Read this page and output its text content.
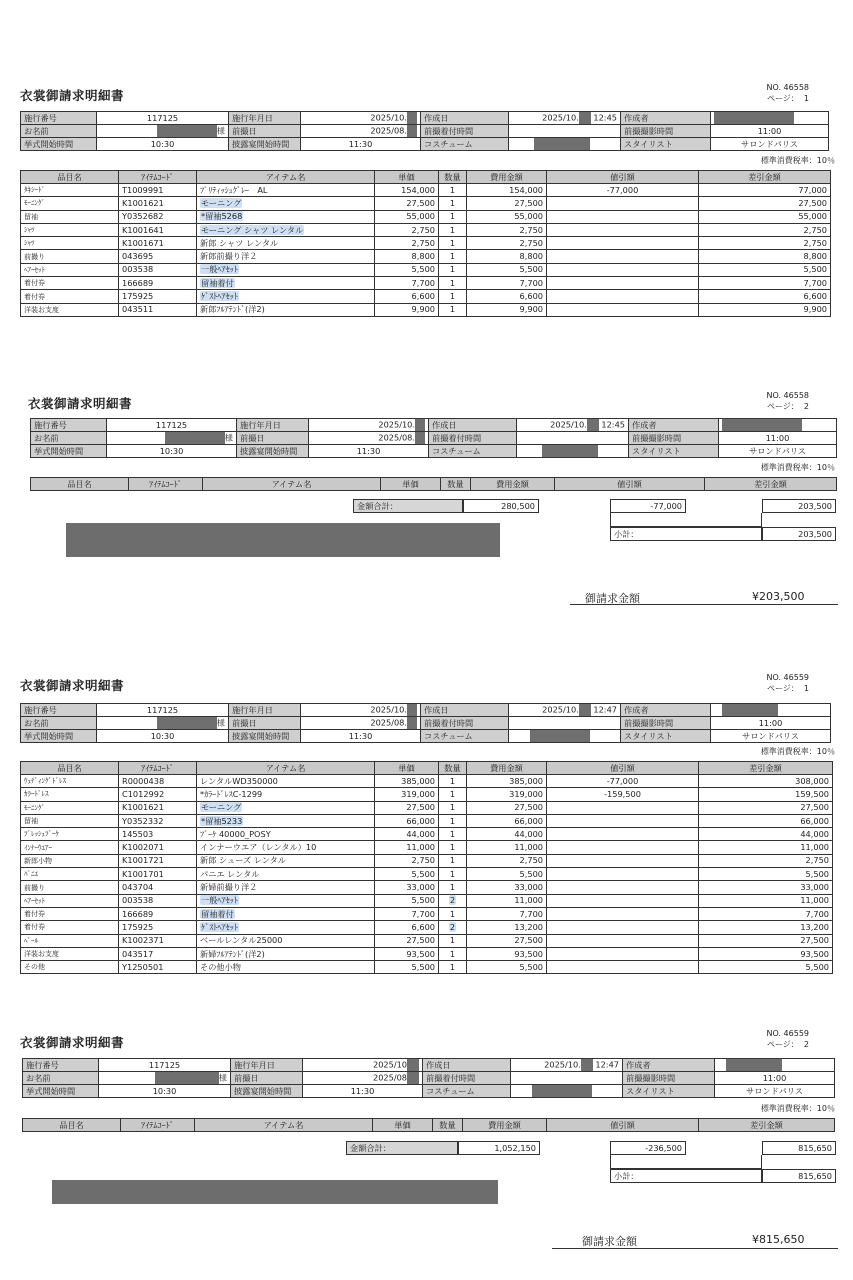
衣裳御請求明細書
NO. 46558
ページ： 1
施行番号	117125	施行年月日	2025/10.	作成日	2025/10. 12:45	作成者	
お名前	様	前撮日	2025/08.	前撮着付時間		前撮撮影時間	11:00
挙式開始時間	10:30	披露宴開始時間	11:30	コスチューム		スタイリスト	サロンドパリス
標準消費税率：10％
品目名	ｱｲﾃﾑｺｰﾄﾞ	アイテム名	単価	数量	費用金額	値引額	差引金額
ﾀｷｼｰﾄﾞ	T1009991	ﾌﾟﾘﾃｨｯｼｭｸﾞﾚｰ　AL	154,000	1	154,000	-77,000	77,000
ﾓｰﾆﾝｸﾞ	K1001621	モーニング	27,500	1	27,500		27,500
留袖	Y0352682	*留袖5268	55,000	1	55,000		55,000
ｼｬﾂ	K1001641	モーニング シャツ レンタル	2,750	1	2,750		2,750
ｼｬﾂ	K1001671	新郎 シャツ レンタル	2,750	1	2,750		2,750
前撮り	043695	新郎前撮り洋２	8,800	1	8,800		8,800
ﾍｱｰｾｯﾄ	003538	一般ﾍｱｾｯﾄ	5,500	1	5,500		5,500
着付券	166689	留袖着付	7,700	1	7,700		7,700
着付券	175925	ｹﾞｽﾄﾍｱｾｯﾄ	6,600	1	6,600		6,600
洋装お支度	043511	新郎ﾌﾙｱﾃﾝﾄﾞ(洋2)	9,900	1	9,900		9,900
衣裳御請求明細書
NO. 46558
ページ： 2
施行番号	117125	施行年月日	2025/10.	作成日	2025/10. 12:45	作成者	
お名前	様	前撮日	2025/08.	前撮着付時間		前撮撮影時間	11:00
挙式開始時間	10:30	披露宴開始時間	11:30	コスチューム		スタイリスト	サロンドパリス
標準消費税率：10％
品目名	ｱｲﾃﾑｺｰﾄﾞ	アイテム名	単価	数量	費用金額	値引額	差引金額
金額合計：	280,500	-77,000	203,500
小計：	203,500
御請求金額	¥203,500
衣裳御請求明細書
NO. 46559
ページ： 1
施行番号	117125	施行年月日	2025/10.	作成日	2025/10. 12:47	作成者	
お名前	様	前撮日	2025/08.	前撮着付時間		前撮撮影時間	11:00
挙式開始時間	10:30	披露宴開始時間	11:30	コスチューム		スタイリスト	サロンドパリス
標準消費税率：10％
品目名	ｱｲﾃﾑｺｰﾄﾞ	アイテム名	単価	数量	費用金額	値引額	差引金額
ｳｪﾃﾞｨﾝｸﾞﾄﾞﾚｽ	R0000438	レンタルWD350000	385,000	1	385,000	-77,000	308,000
ｶﾗｰﾄﾞﾚｽ	C1012992	*ｶﾗｰﾄﾞﾚｽC-1299	319,000	1	319,000	-159,500	159,500
ﾓｰﾆﾝｸﾞ	K1001621	モーニング	27,500	1	27,500		27,500
留袖	Y0352332	*留袖5233	66,000	1	66,000		66,000
ﾌﾞﾚｯｼｭﾌﾞｰｹ	145503	ﾌﾞｰｹ 40000_POSY	44,000	1	44,000		44,000
ｲﾝﾅｰｳｴｱｰ	K1002071	インナーウエア（レンタル）10	11,000	1	11,000		11,000
新郎小物	K1001721	新郎 シューズ レンタル	2,750	1	2,750		2,750
ﾊﾟﾆｴ	K1001701	パニエ レンタル	5,500	1	5,500		5,500
前撮り	043704	新婦前撮り洋２	33,000	1	33,000		33,000
ﾍｱｰｾｯﾄ	003538	一般ﾍｱｾｯﾄ	5,500	2	11,000		11,000
着付券	166689	留袖着付	7,700	1	7,700		7,700
着付券	175925	ｹﾞｽﾄﾍｱｾｯﾄ	6,600	2	13,200		13,200
ﾍﾞｰﾙ	K1002371	ベールレンタル25000	27,500	1	27,500		27,500
洋装お支度	043517	新婦ﾌﾙｱﾃﾝﾄﾞ(洋2)	93,500	1	93,500		93,500
その他	Y1250501	その他小物	5,500	1	5,500		5,500
衣裳御請求明細書
NO. 46559
ページ： 2
施行番号	117125	施行年月日	2025/10	作成日	2025/10. 12:47	作成者	
お名前	様	前撮日	2025/08	前撮着付時間		前撮撮影時間	11:00
挙式開始時間	10:30	披露宴開始時間	11:30	コスチューム		スタイリスト	サロンドパリス
標準消費税率：10％
品目名	ｱｲﾃﾑｺｰﾄﾞ	アイテム名	単価	数量	費用金額	値引額	差引金額
金額合計：	1,052,150	-236,500	815,650
小計：	815,650
御請求金額	¥815,650
